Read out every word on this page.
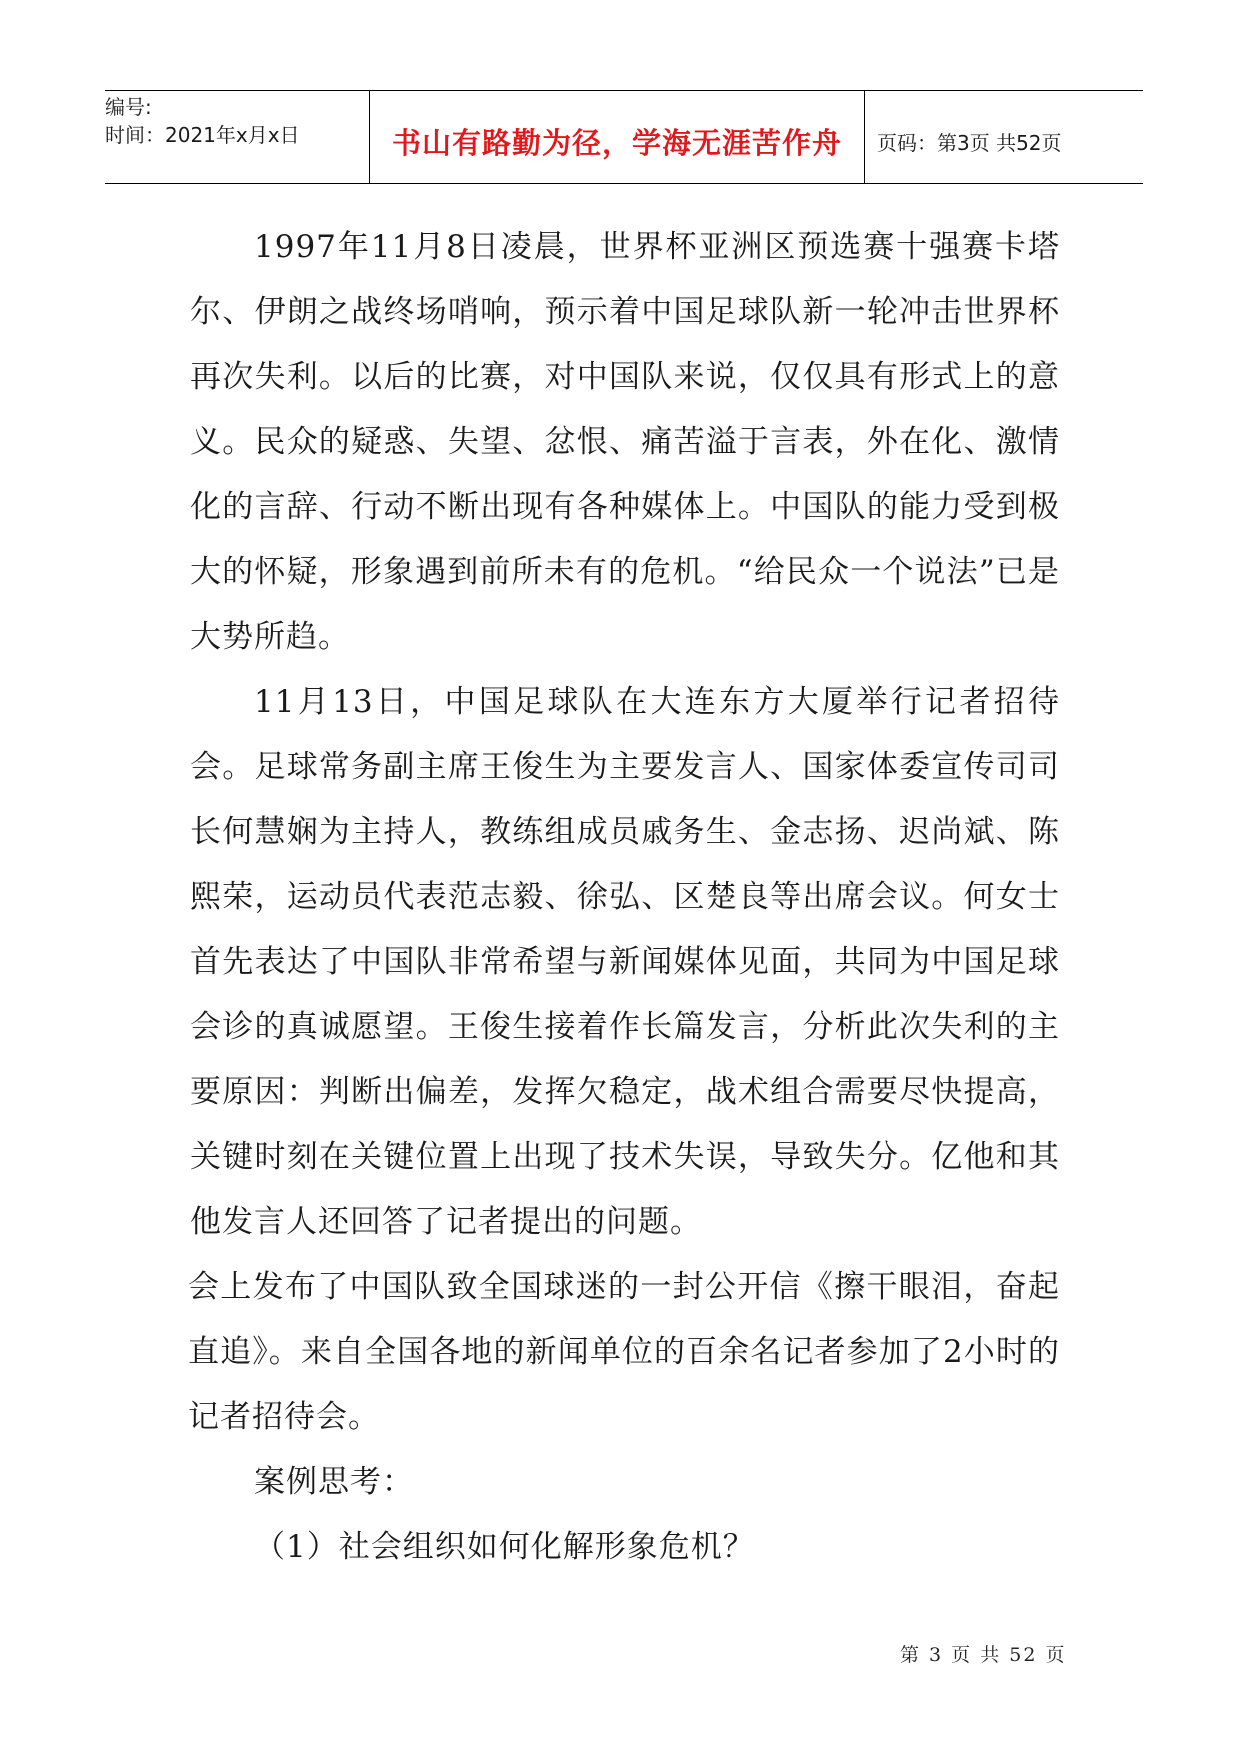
编号:
时间：2021年x月x日	书山有路勤为径，学海无涯苦作舟	页码：第3页 共52页

1997年11月8日凌晨，世界杯亚洲区预选赛十强赛卡塔尔、伊朗之战终场哨响，预示着中国足球队新一轮冲击世界杯再次失利。以后的比赛，对中国队来说，仅仅具有形式上的意义。民众的疑惑、失望、忿恨、痛苦溢于言表，外在化、激情化的言辞、行动不断出现有各种媒体上。中国队的能力受到极大的怀疑，形象遇到前所未有的危机。“给民众一个说法”已是大势所趋。

11月13日，中国足球队在大连东方大厦举行记者招待会。足球常务副主席王俊生为主要发言人、国家体委宣传司司长何慧娴为主持人，教练组成员戚务生、金志扬、迟尚斌、陈熙荣，运动员代表范志毅、徐弘、区楚良等出席会议。何女士首先表达了中国队非常希望与新闻媒体见面，共同为中国足球会诊的真诚愿望。王俊生接着作长篇发言，分析此次失利的主要原因：判断出偏差，发挥欠稳定，战术组合需要尽快提高，关键时刻在关键位置上出现了技术失误，导致失分。亿他和其他发言人还回答了记者提出的问题。

会上发布了中国队致全国球迷的一封公开信《擦干眼泪，奋起直追》。来自全国各地的新闻单位的百余名记者参加了2小时的记者招待会。

案例思考：

（1）社会组织如何化解形象危机？

第 3 页 共 52 页
